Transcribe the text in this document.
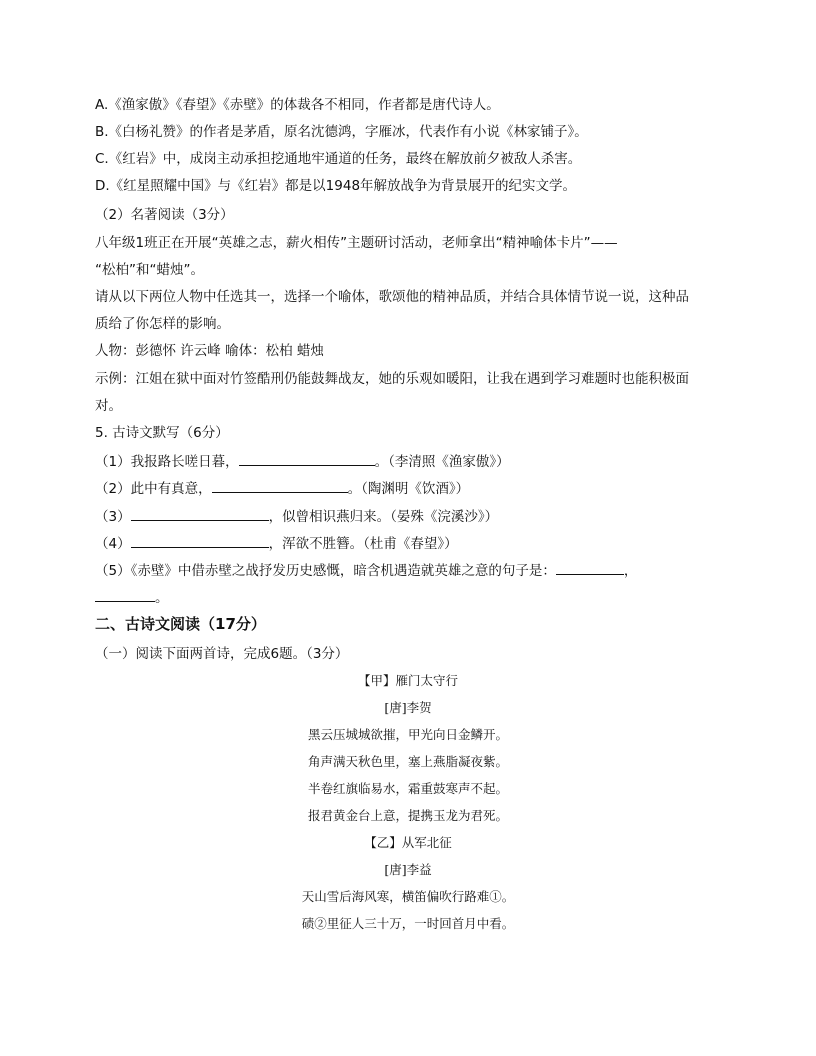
A.《渔家傲》《春望》《赤壁》的体裁各不相同，作者都是唐代诗人。
B.《白杨礼赞》的作者是茅盾，原名沈德鸿，字雁冰，代表作有小说《林家铺子》。
C.《红岩》中，成岗主动承担挖通地牢通道的任务，最终在解放前夕被敌人杀害。
D.《红星照耀中国》与《红岩》都是以1948年解放战争为背景展开的纪实文学。
（2）名著阅读（3分）
八年级1班正在开展“英雄之志，薪火相传”主题研讨活动，老师拿出“精神喻体卡片”——
“松柏”和“蜡烛”。
请从以下两位人物中任选其一，选择一个喻体，歌颂他的精神品质，并结合具体情节说一说，这种品
质给了你怎样的影响。
人物：彭德怀 许云峰 喻体：松柏 蜡烛
示例：江姐在狱中面对竹签酷刑仍能鼓舞战友，她的乐观如暖阳，让我在遇到学习难题时也能积极面
对。
5. 古诗文默写（6分）
（1）我报路长嗟日暮，	。（李清照《渔家傲》）
（2）此中有真意，	。（陶渊明《饮酒》）
（3）	，似曾相识燕归来。（晏殊《浣溪沙》）
（4）	，浑欲不胜簪。（杜甫《春望》）
（5）《赤壁》中借赤壁之战抒发历史感慨，暗含机遇造就英雄之意的句子是：	，
。
二、古诗文阅读（17分）
（一）阅读下面两首诗，完成6题。（3分）
【甲】雁门太守行
[唐]李贺
黑云压城城欲摧，甲光向日金鳞开。
角声满天秋色里，塞上燕脂凝夜紫。
半卷红旗临易水，霜重鼓寒声不起。
报君黄金台上意，提携玉龙为君死。
【乙】从军北征
[唐]李益
天山雪后海风寒，横笛偏吹行路难①。
碛②里征人三十万，一时回首月中看。
